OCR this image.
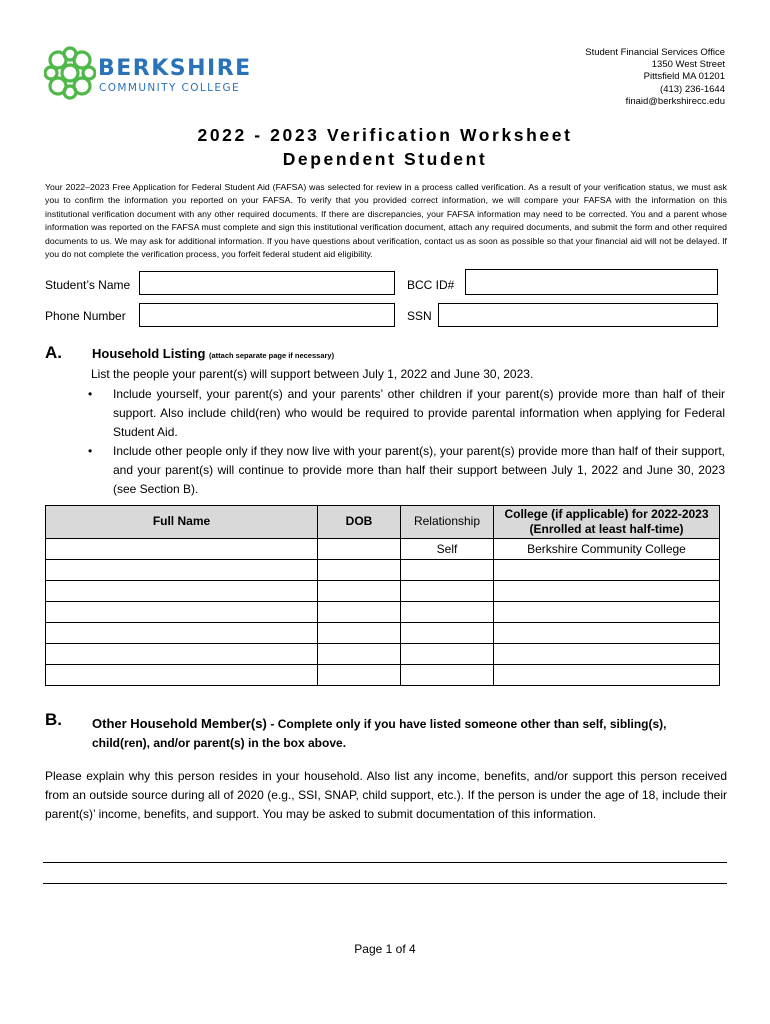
BERKSHIRE
COMMUNITY COLLEGE
Student Financial Services Office
1350 West Street
Pittsfield MA 01201
(413) 236-1644
finaid@berkshirecc.edu
2022 - 2023 Verification Worksheet
Dependent Student
Your 2022–2023 Free Application for Federal Student Aid (FAFSA) was selected for review in a process called verification. As a result of your verification status, we must ask you to confirm the information you reported on your FAFSA. To verify that you provided correct information, we will compare your FAFSA with the information on this institutional verification document with any other required documents. If there are discrepancies, your FAFSA information may need to be corrected. You and a parent whose information was reported on the FAFSA must complete and sign this institutional verification document, attach any required documents, and submit the form and other required documents to us. We may ask for additional information. If you have questions about verification, contact us as soon as possible so that your financial aid will not be delayed. If you do not complete the verification process, you forfeit federal student aid eligibility.
Student’s Name	BCC ID#
Phone Number	SSN
A. Household Listing (attach separate page if necessary)
List the people your parent(s) will support between July 1, 2022 and June 30, 2023.
• Include yourself, your parent(s) and your parents’ other children if your parent(s) provide more than half of their support. Also include child(ren) who would be required to provide parental information when applying for Federal Student Aid.
• Include other people only if they now live with your parent(s), your parent(s) provide more than half of their support, and your parent(s) will continue to provide more than half their support between July 1, 2022 and June 30, 2023 (see Section B).
Full Name	DOB	Relationship	College (if applicable) for 2022-2023
(Enrolled at least half-time)

		Self	Berkshire Community College

B. Other Household Member(s) - Complete only if you have listed someone other than self, sibling(s),
child(ren), and/or parent(s) in the box above.
Please explain why this person resides in your household. Also list any income, benefits, and/or support this person received from an outside source during all of 2020 (e.g., SSI, SNAP, child support, etc.). If the person is under the age of 18, include their parent(s)’ income, benefits, and support. You may be asked to submit documentation of this information.
Page 1 of 4
